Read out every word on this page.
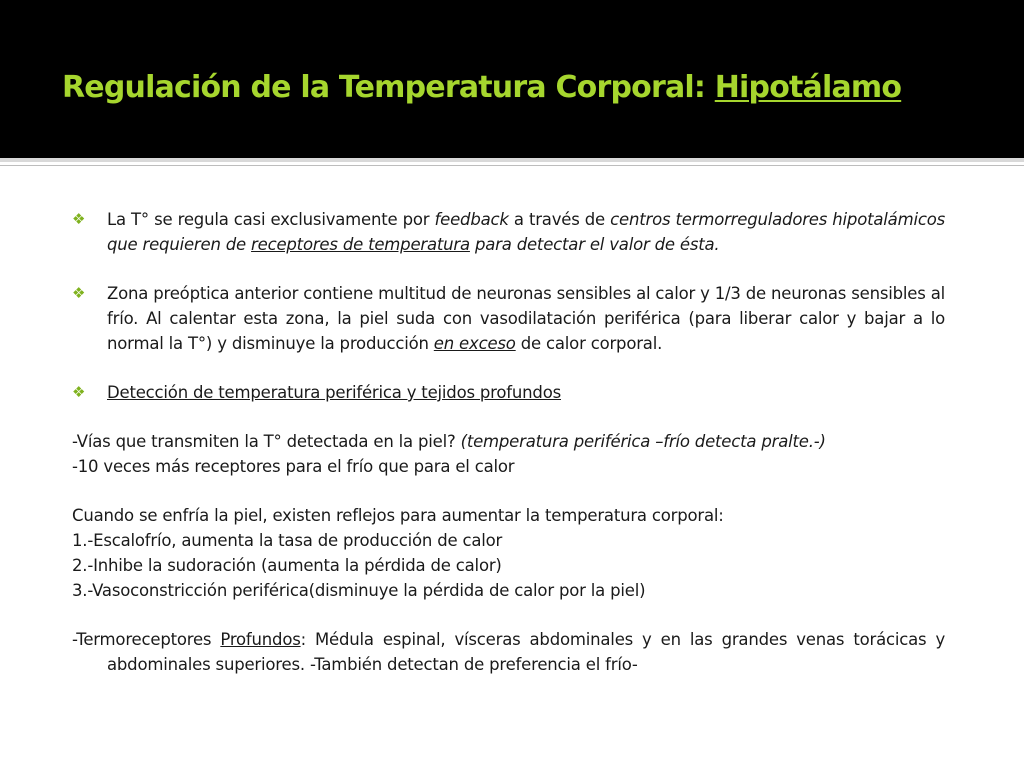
Regulación de la Temperatura Corporal: Hipotálamo
❖ La T° se regula casi exclusivamente por feedback a través de centros termorreguladores hipotalámicos que requieren de receptores de temperatura para detectar el valor de ésta.
❖ Zona preóptica anterior contiene multitud de neuronas sensibles al calor y 1/3 de neuronas sensibles al frío. Al calentar esta zona, la piel suda con vasodilatación periférica (para liberar calor y bajar a lo normal la T°) y disminuye la producción en exceso de calor corporal.
❖ Detección de temperatura periférica y tejidos profundos

-Vías que transmiten la T° detectada en la piel? (temperatura periférica –frío detecta pralte.-)

-10 veces más receptores para el frío que para el calor

Cuando se enfría la piel, existen reflejos para aumentar la temperatura corporal:

1.-Escalofrío, aumenta la tasa de producción de calor

2.-Inhibe la sudoración (aumenta la pérdida de calor)

3.-Vasoconstricción periférica(disminuye la pérdida de calor por la piel)

-Termoreceptores Profundos: Médula espinal, vísceras abdominales y en las grandes venas torácicas y abdominales superiores. -También detectan de preferencia el frío-
